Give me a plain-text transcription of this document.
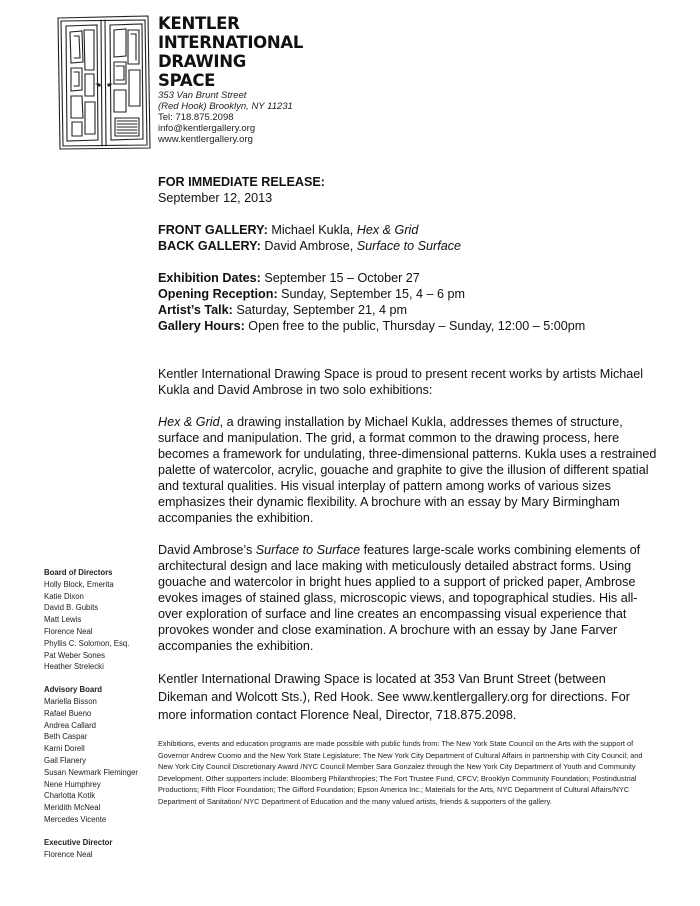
KENTLER
INTERNATIONAL
DRAWING
SPACE
353 Van Brunt Street
(Red Hook) Brooklyn, NY 11231
Tel: 718.875.2098
info@kentlergallery.org
www.kentlergallery.org
FOR IMMEDIATE RELEASE:
September 12, 2013
FRONT GALLERY: Michael Kukla, Hex & Grid
BACK GALLERY: David Ambrose, Surface to Surface
Exhibition Dates: September 15 – October 27
Opening Reception: Sunday, September 15, 4 – 6 pm
Artist’s Talk: Saturday, September 21, 4 pm
Gallery Hours: Open free to the public, Thursday – Sunday, 12:00 – 5:00pm

Kentler International Drawing Space is proud to present recent works by artists Michael Kukla and David Ambrose in two solo exhibitions:

Hex & Grid, a drawing installation by Michael Kukla, addresses themes of structure, surface and manipulation. The grid, a format common to the drawing process, here becomes a framework for undulating, three-dimensional patterns. Kukla uses a restrained palette of watercolor, acrylic, gouache and graphite to give the illusion of different spatial and textural qualities. His visual interplay of pattern among works of various sizes emphasizes their dynamic flexibility. A brochure with an essay by Mary Birmingham accompanies the exhibition.

David Ambrose’s Surface to Surface features large-scale works combining elements of architectural design and lace making with meticulously detailed abstract forms. Using gouache and watercolor in bright hues applied to a support of pricked paper, Ambrose evokes images of stained glass, microscopic views, and topographical studies. His all-over exploration of surface and line creates an encompassing visual experience that provokes wonder and close examination. A brochure with an essay by Jane Farver accompanies the exhibition.

Kentler International Drawing Space is located at 353 Van Brunt Street (between Dikeman and Wolcott Sts.), Red Hook. See www.kentlergallery.org for directions. For more information contact Florence Neal, Director, 718.875.2098.

Exhibitions, events and education programs are made possible with public funds from: The New York State Council on the Arts with the support of Governor Andrew Cuomo and the New York State Legislature; The New York City Department of Cultural Affairs in partnership with City Council; and New York City Council Discretionary Award /NYC Council Member Sara Gonzalez through the New York City Department of Youth and Community Development. Other supporters include: Bloomberg Philanthropies; The Fort Trustee Fund, CFCV; Brooklyn Community Foundation; Postindustrial Productions; Fifth Floor Foundation; The Gifford Foundation; Epson America Inc.; Materials for the Arts, NYC Department of Cultural Affairs/NYC Department of Sanitation/ NYC Department of Education and the many valued artists, friends & supporters of the gallery.

Board of Directors
Holly Block, Emerita
Katie Dixon
David B. Gubits
Matt Lewis
Florence Neal
Phyllis C. Solomon, Esq.
Pat Weber Sones
Heather Strelecki
Advisory Board
Mariella Bisson
Rafael Bueno
Andrea Callard
Beth Caspar
Karni Dorell
Gail Flanery
Susan Newmark Fleminger
Nene Humphrey
Charlotta Kotik
Meridith McNeal
Mercedes Vicente
Executive Director
Florence Neal
